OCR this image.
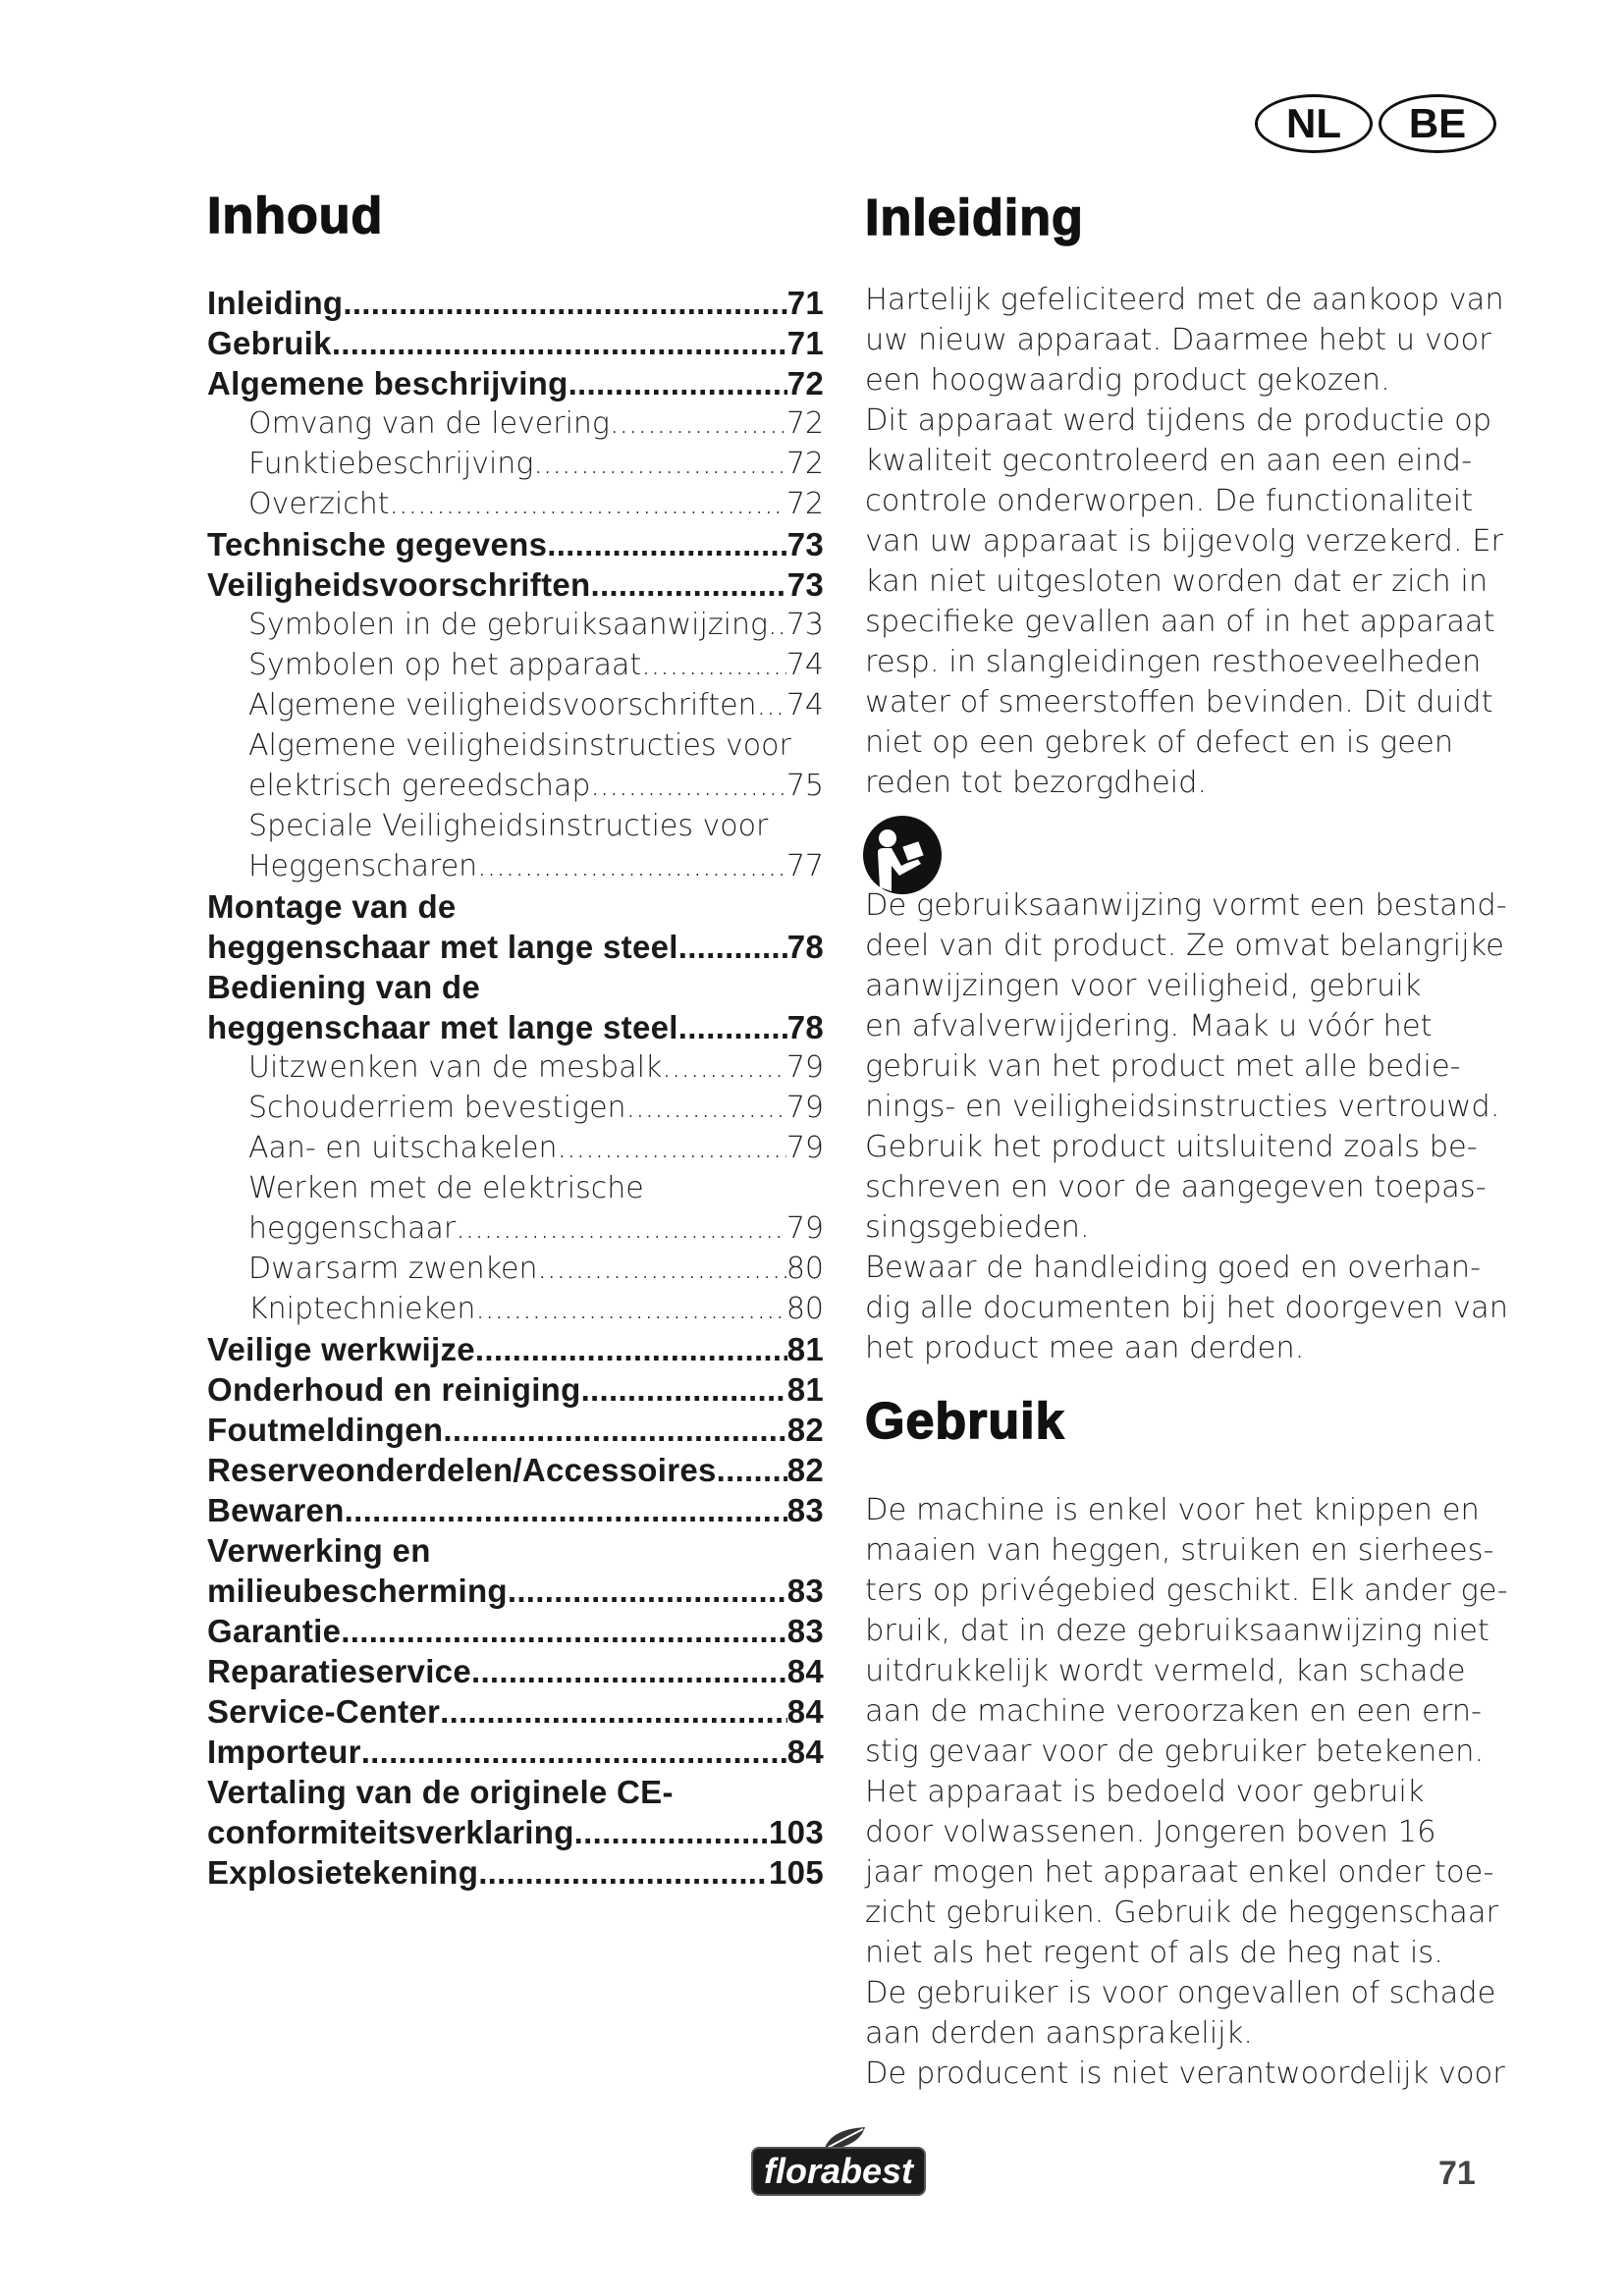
NL	BE
Inhoud
Inleiding .....	71
Gebruik .....	71
Algemene beschrijving .....	72
Omvang van de levering .....	72
Funktiebeschrijving .....	72
Overzicht .....	72
Technische gegevens .....	73
Veiligheidsvoorschriften .....	73
Symbolen in de gebruiksaanwijzing ..... 73
Symbolen op het apparaat .....	74
Algemene veiligheidsvoorschriften ..... 74
Algemene veiligheidsinstructies voor
elektrisch gereedschap .....	75
Speciale Veiligheidsinstructies voor
Heggenscharen .....	77
Montage van de
heggenschaar met lange steel .....	78
Bediening van de
heggenschaar met lange steel .....	78
Uitzwenken van de mesbalk .....	79
Schouderriem bevestigen .....	79
Aan- en uitschakelen .....	79
Werken met de elektrische
heggenschaar .....	79
Dwarsarm zwenken .....	80
Kniptechnieken .....	80
Veilige werkwijze .....	81
Onderhoud en reiniging .....	81
Foutmeldingen .....	82
Reserveonderdelen/Accessoires ..... 82
Bewaren .....	83
Verwerking en
milieubescherming .....	83
Garantie .....	83
Reparatieservice .....	84
Service-Center .....	84
Importeur .....	84
Vertaling van de originele CE-
conformiteitsverklaring .....	103
Explosietekening .....	105
Inleiding
Hartelijk gefeliciteerd met de aankoop van
uw nieuw apparaat. Daarmee hebt u voor
een hoogwaardig product gekozen.
Dit apparaat werd tijdens de productie op
kwaliteit gecontroleerd en aan een eind-
controle onderworpen. De functionaliteit
van uw apparaat is bijgevolg verzekerd. Er
kan niet uitgesloten worden dat er zich in
specifieke gevallen aan of in het apparaat
resp. in slangleidingen resthoeveelheden
water of smeerstoffen bevinden. Dit duidt
niet op een gebrek of defect en is geen
reden tot bezorgdheid.
De gebruiksaanwijzing vormt een bestand-
deel van dit product. Ze omvat belangrijke
aanwijzingen voor veiligheid, gebruik
en afvalverwijdering. Maak u vóór het
gebruik van het product met alle bedie-
nings- en veiligheidsinstructies vertrouwd.
Gebruik het product uitsluitend zoals be-
schreven en voor de aangegeven toepas-
singsgebieden.
Bewaar de handleiding goed en overhan-
dig alle documenten bij het doorgeven van
het product mee aan derden.
Gebruik
De machine is enkel voor het knippen en
maaien van heggen, struiken en sierhees-
ters op privégebied geschikt. Elk ander ge-
bruik, dat in deze gebruiksaanwijzing niet
uitdrukkelijk wordt vermeld, kan schade
aan de machine veroorzaken en een ern-
stig gevaar voor de gebruiker betekenen.
Het apparaat is bedoeld voor gebruik
door volwassenen. Jongeren boven 16
jaar mogen het apparaat enkel onder toe-
zicht gebruiken. Gebruik de heggenschaar
niet als het regent of als de heg nat is.
De gebruiker is voor ongevallen of schade
aan derden aansprakelijk.
De producent is niet verantwoordelijk voor
florabest	71
